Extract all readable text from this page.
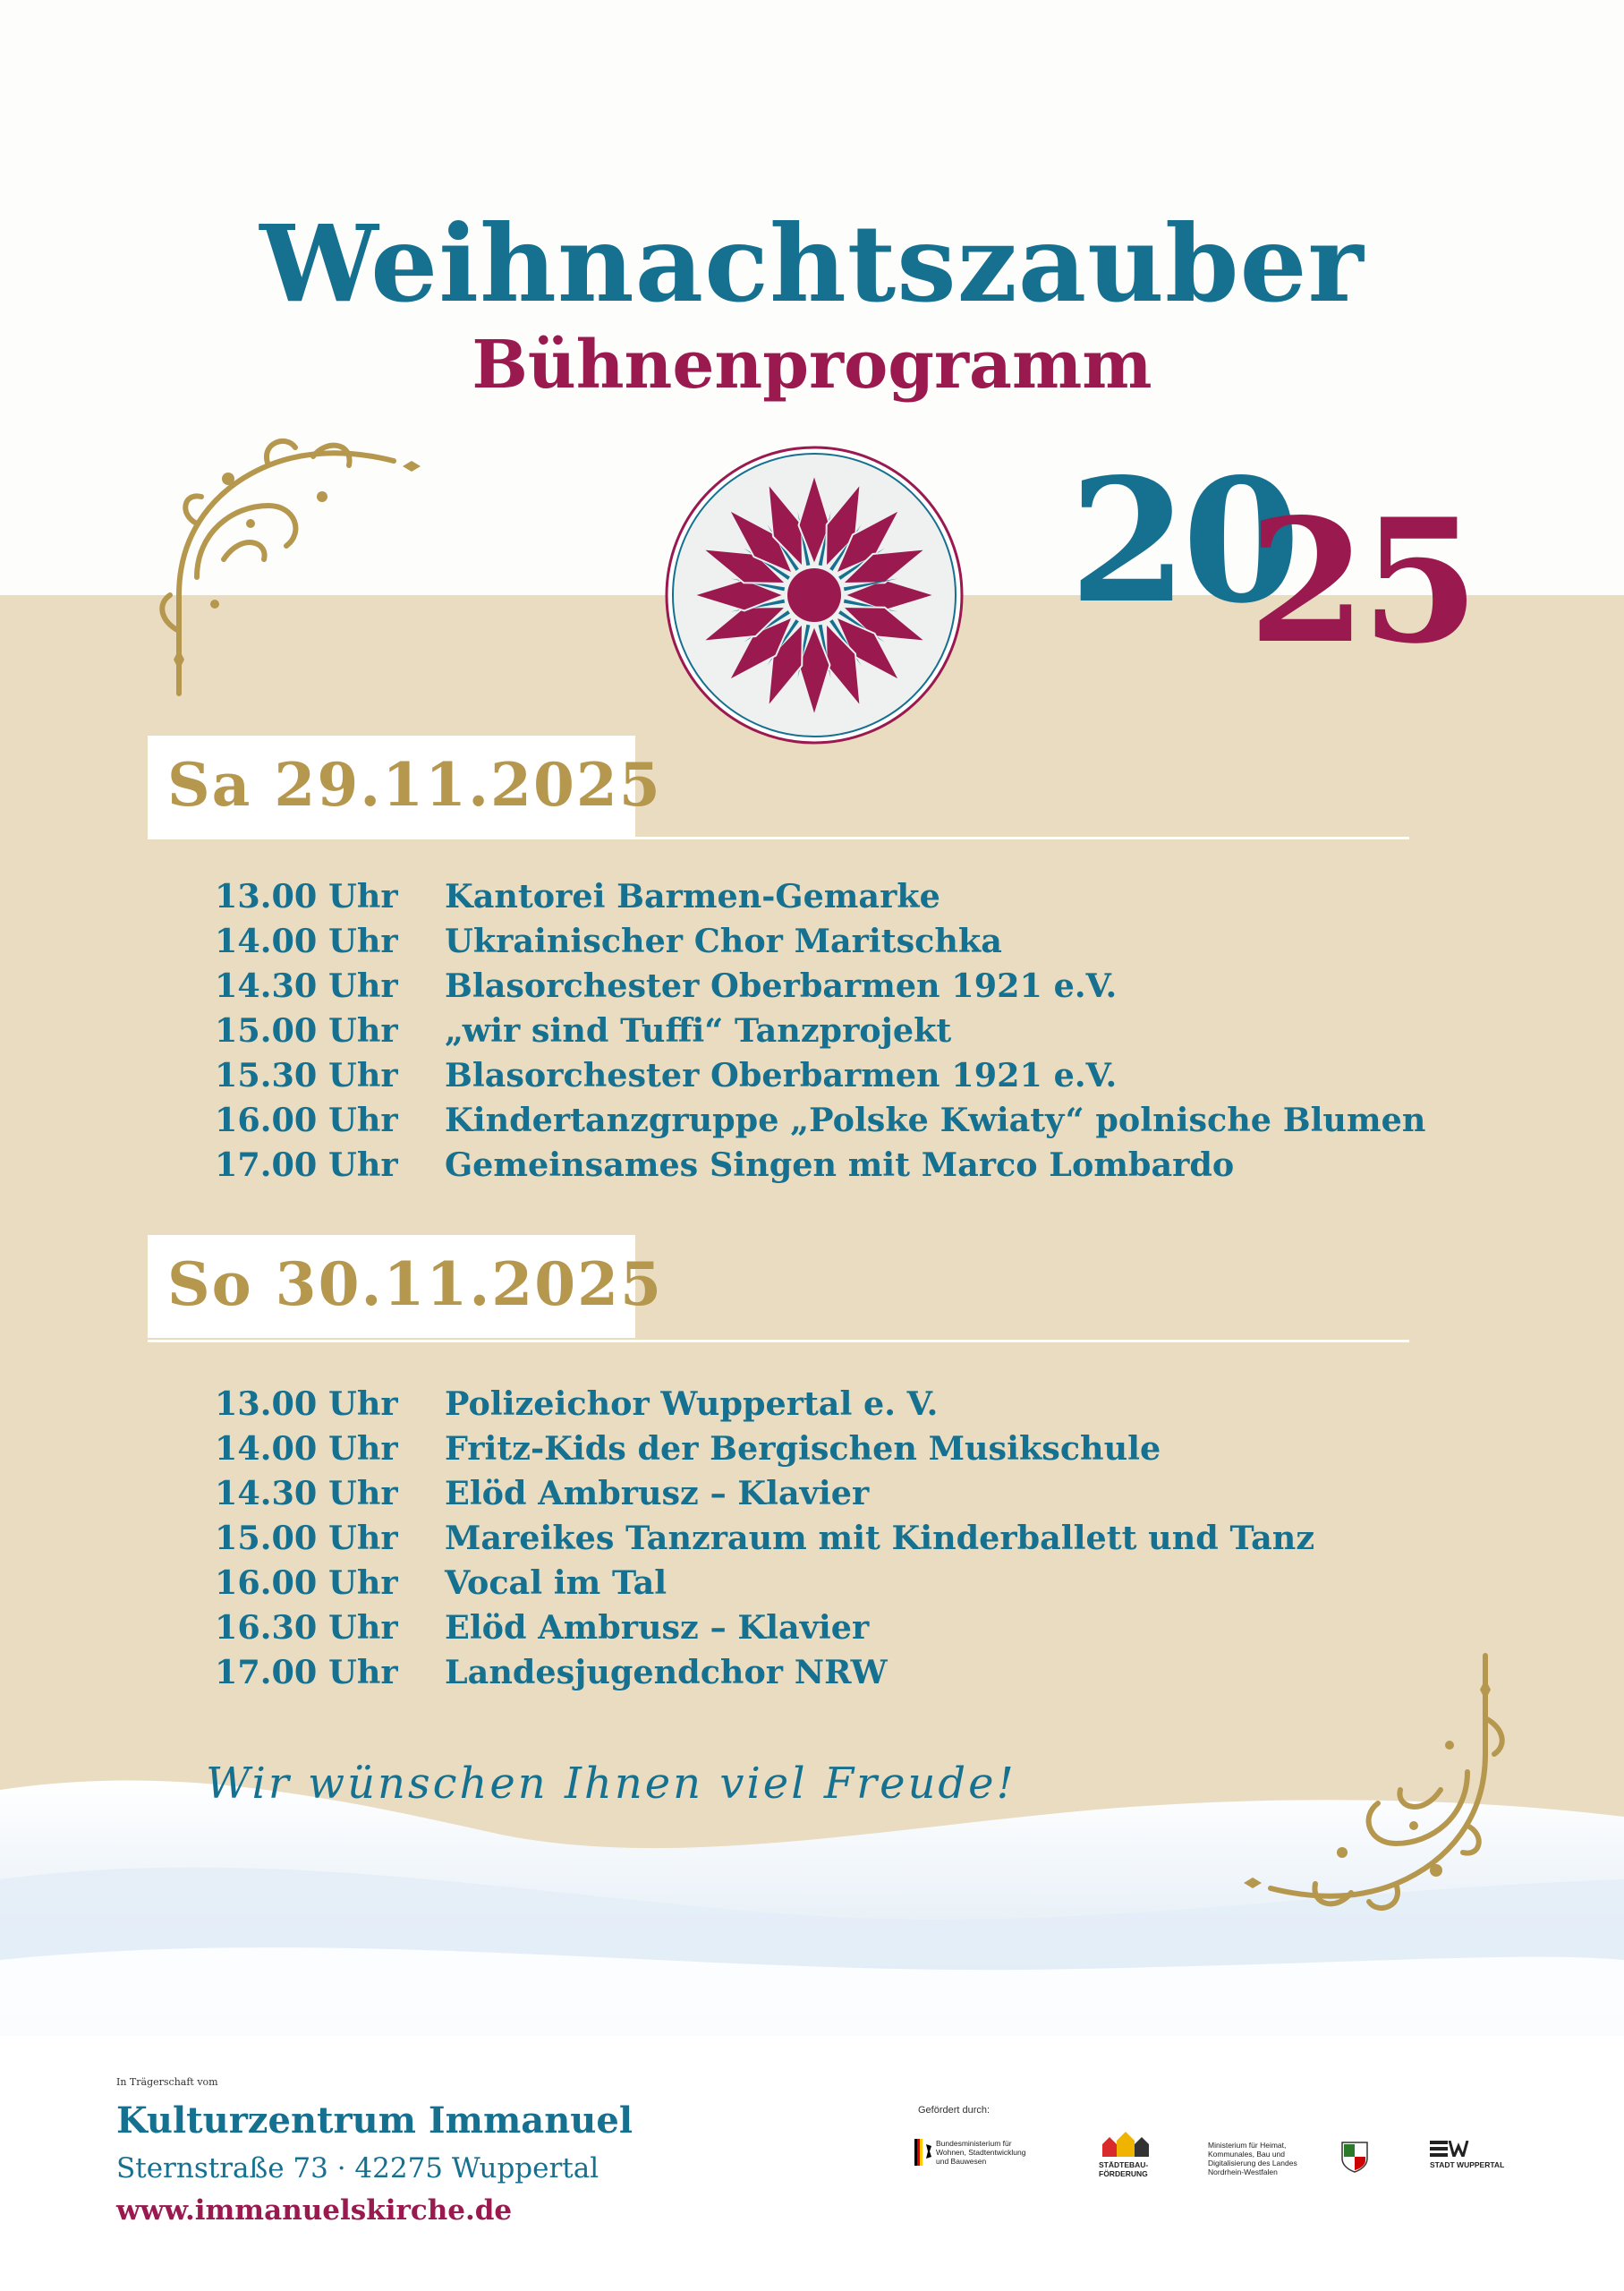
Weihnachtszauber
Bühnenprogramm
20
25
Sa 29.11.2025
13.00 Uhr Kantorei Barmen-Gemarke
14.00 Uhr Ukrainischer Chor Maritschka
14.30 Uhr Blasorchester Oberbarmen 1921 e.V.
15.00 Uhr „wir sind Tuffi“ Tanzprojekt
15.30 Uhr Blasorchester Oberbarmen 1921 e.V.
16.00 Uhr Kindertanzgruppe „Polske Kwiaty“ polnische Blumen
17.00 Uhr Gemeinsames Singen mit Marco Lombardo
So 30.11.2025
13.00 Uhr Polizeichor Wuppertal e. V.
14.00 Uhr Fritz-Kids der Bergischen Musikschule
14.30 Uhr Elöd Ambrusz – Klavier
15.00 Uhr Mareikes Tanzraum mit Kinderballett und Tanz
16.00 Uhr Vocal im Tal
16.30 Uhr Elöd Ambrusz – Klavier
17.00 Uhr Landesjugendchor NRW
Wir wünschen Ihnen viel Freude!
In Trägerschaft vom
Kulturzentrum Immanuel
Sternstraße 73 · 42275 Wuppertal
www.immanuelskirche.de
Gefördert durch:
Bundesministerium für Wohnen, Stadtentwicklung und Bauwesen	STÄDTEBAU-FÖRDERUNG
Ministerium für Heimat, Kommunales, Bau und Digitalisierung des Landes Nordrhein-Westfalen
STADT WUPPERTAL
